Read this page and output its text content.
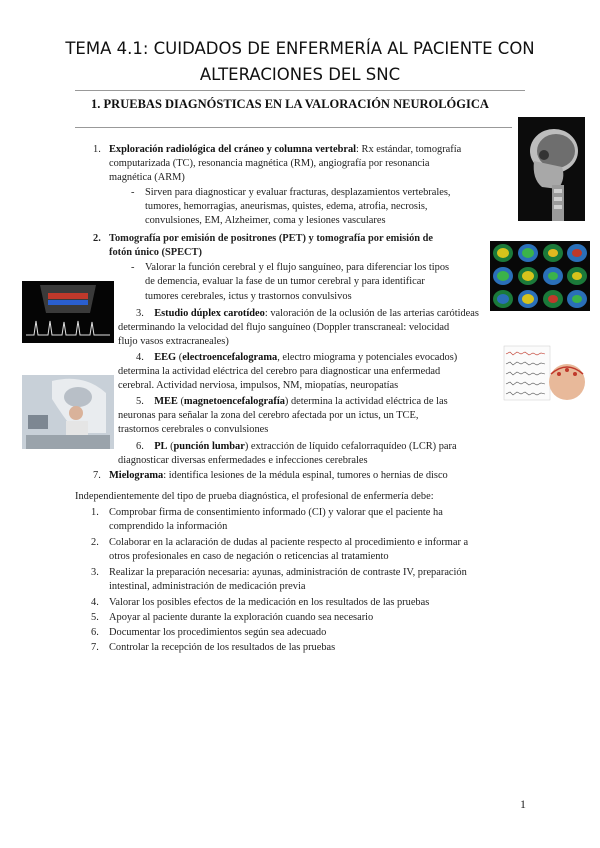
TEMA 4.1: CUIDADOS DE ENFERMERÍA AL PACIENTE CON
ALTERACIONES DEL SNC
1. PRUEBAS DIAGNÓSTICAS EN LA VALORACIÓN NEUROLÓGICA
1. Exploración radiológica del cráneo y columna vertebral: Rx estándar, tomografía
computarizada (TC), resonancia magnética (RM), angiografía por resonancia
magnética (ARM)
- Sirven para diagnosticar y evaluar fracturas, desplazamientos vertebrales,
tumores, hemorragias, aneurismas, quistes, edema, atrofia, necrosis,
convulsiones, EM, Alzheimer, coma y lesiones vasculares
2. Tomografía por emisión de positrones (PET) y tomografía por emisión de
fotón único (SPECT)
- Valorar la función cerebral y el flujo sanguíneo, para diferenciar los tipos
de demencia, evaluar la fase de un tumor cerebral y para identificar
tumores cerebrales, ictus y trastornos convulsivos
3. Estudio dúplex carotídeo: valoración de la oclusión de las arterias carótideas
determinando la velocidad del flujo sanguíneo (Doppler transcraneal: velocidad
flujo vasos extracraneales)
4. EEG (electroencefalograma, electro miograma y potenciales evocados)
determina la actividad eléctrica del cerebro para diagnosticar una enfermedad
cerebral. Actividad nerviosa, impulsos, NM, miopatías, neuropatías
5. MEE (magnetoencefalografía) determina la actividad eléctrica de las
neuronas para señalar la zona del cerebro afectada por un ictus, un TCE,
trastornos cerebrales o convulsiones
6. PL (punción lumbar) extracción de líquido cefalorraquídeo (LCR) para
diagnosticar diversas enfermedades e infecciones cerebrales
7. Mielograma: identifica lesiones de la médula espinal, tumores o hernias de disco
Independientemente del tipo de prueba diagnóstica, el profesional de enfermería debe:
1. Comprobar firma de consentimiento informado (CI) y valorar que el paciente ha
comprendido la información
2. Colaborar en la aclaración de dudas al paciente respecto al procedimiento e informar a
otros profesionales en caso de negación o reticencias al tratamiento
3. Realizar la preparación necesaria: ayunas, administración de contraste IV, preparación
intestinal, administración de medicación previa
4. Valorar los posibles efectos de la medicación en los resultados de las pruebas
5. Apoyar al paciente durante la exploración cuando sea necesario
6. Documentar los procedimientos según sea adecuado
7. Controlar la recepción de los resultados de las pruebas
1
